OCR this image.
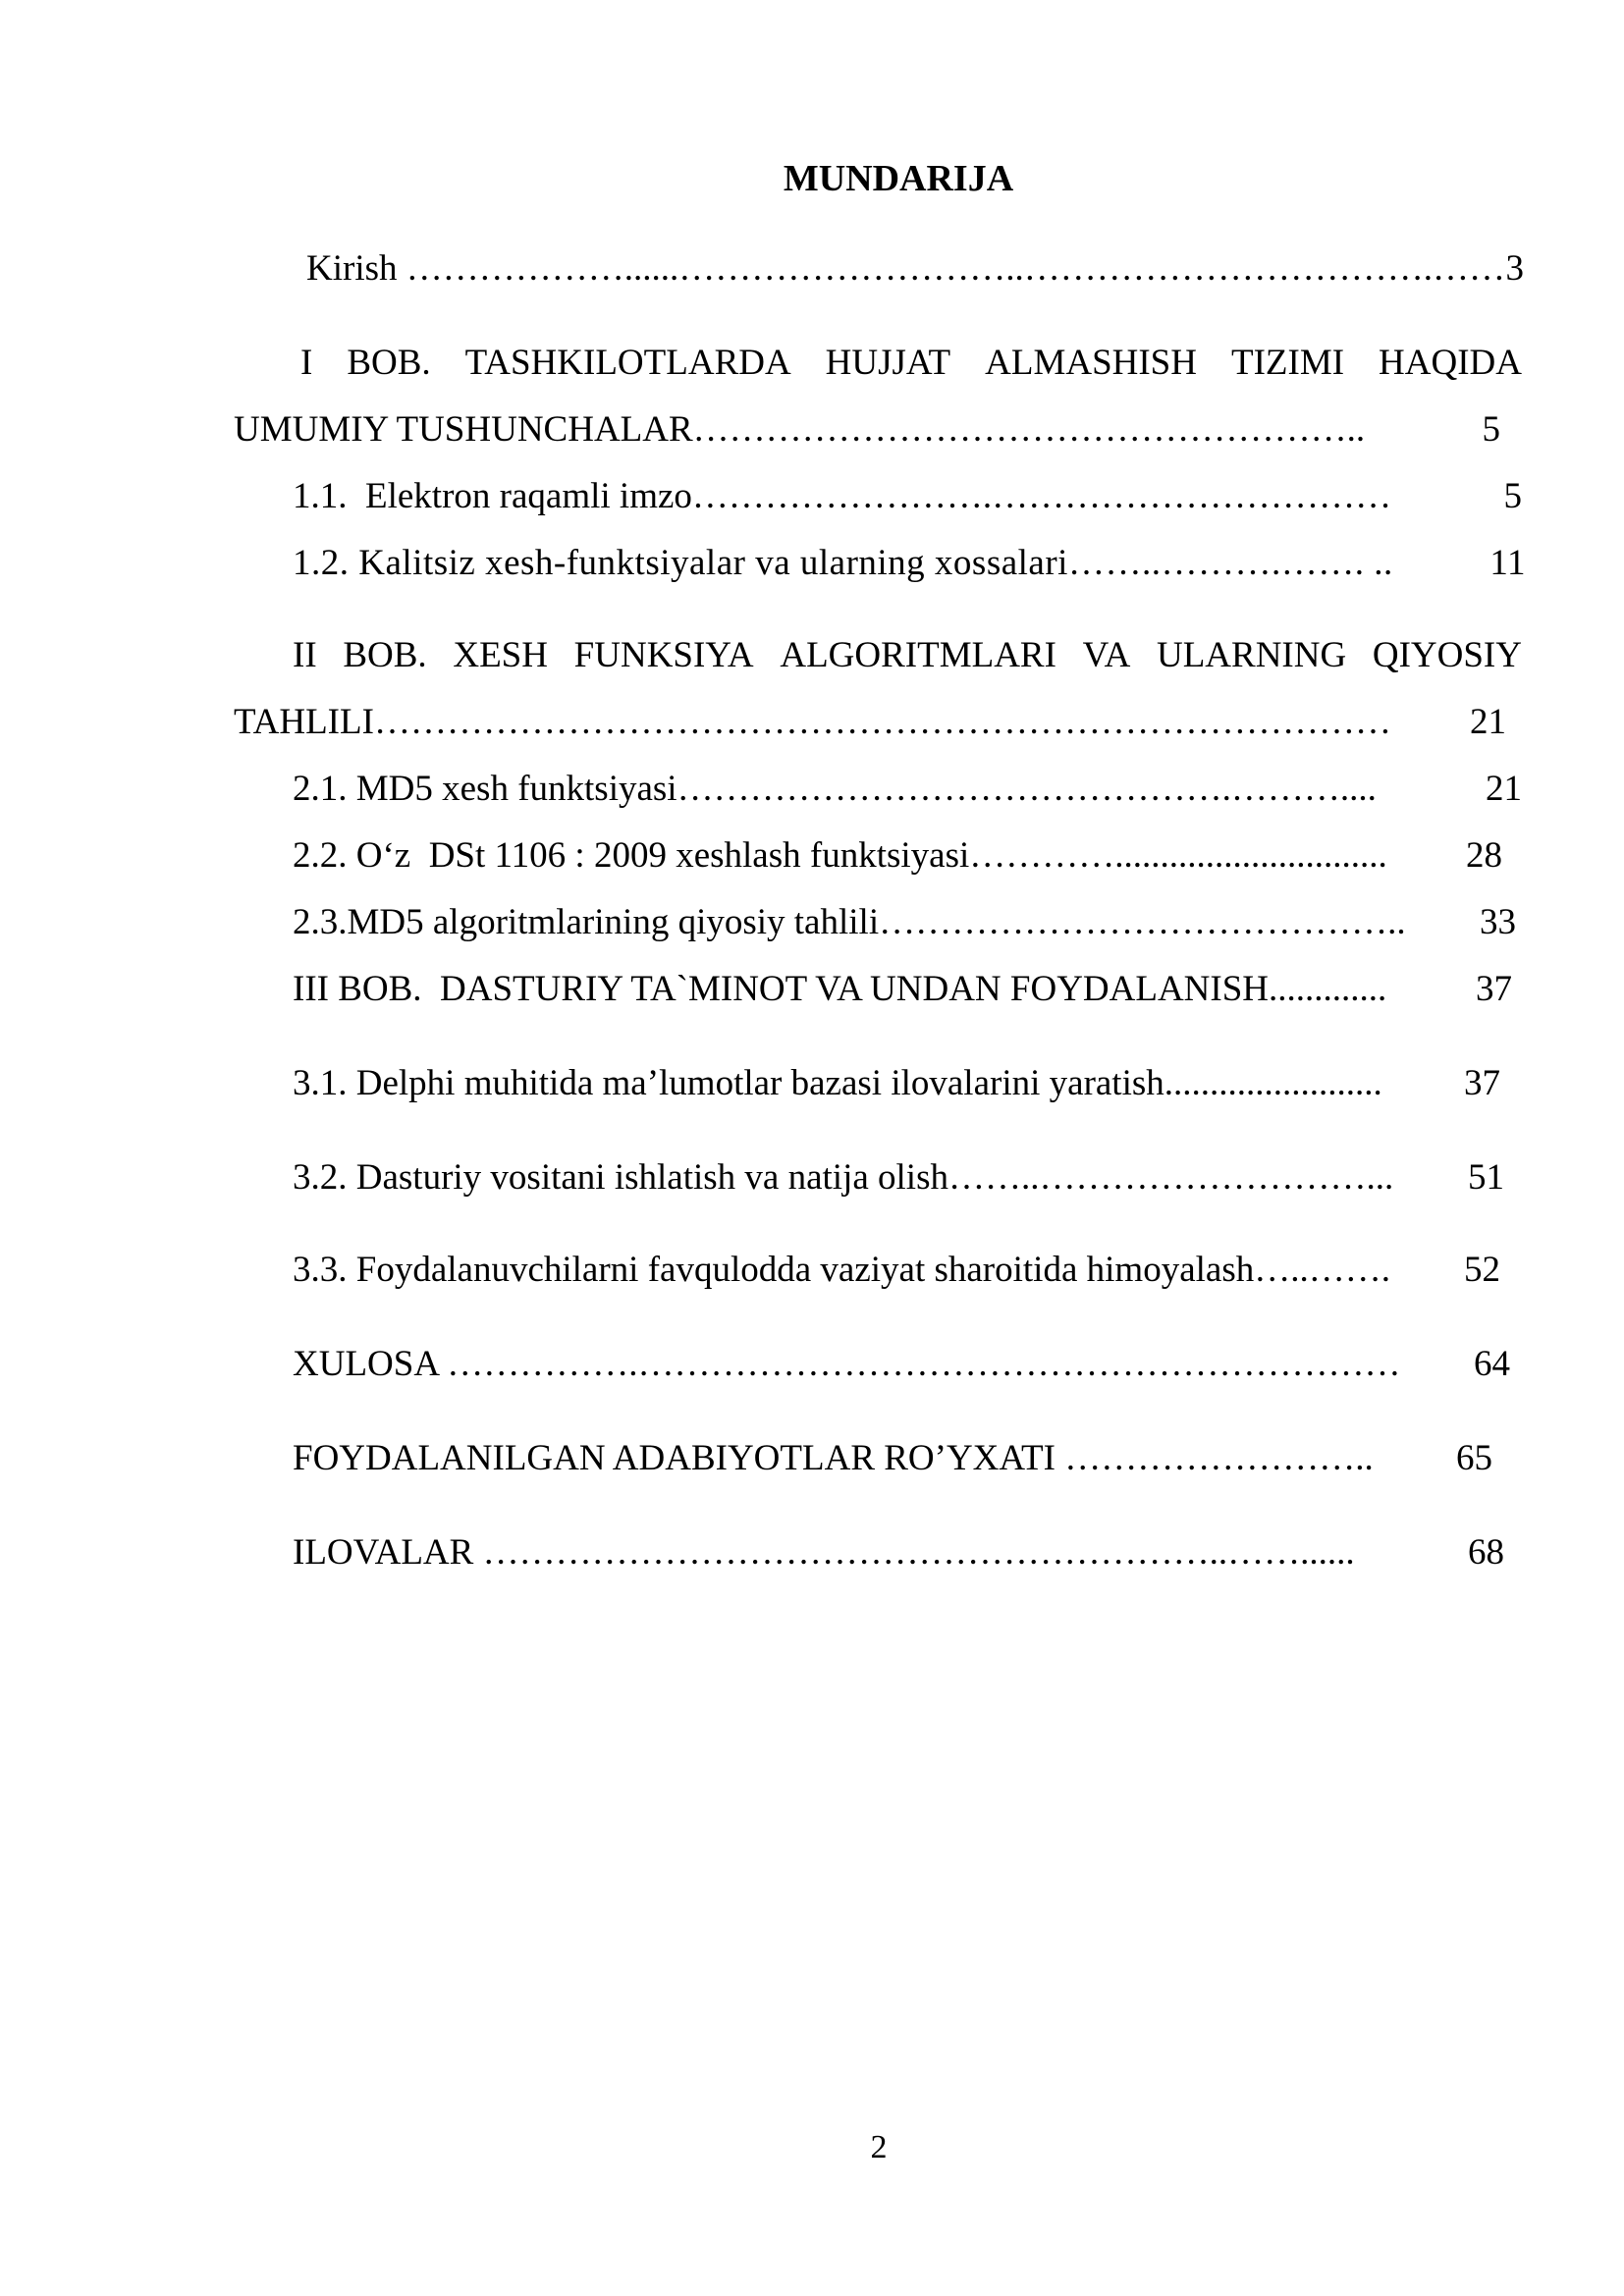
MUNDARIJA
Kirish ………………......………………………..…………………………….…… 3
I BOB. TASHKILOTLARDA HUJJAT ALMASHISH TIZIMI HAQIDA
UMUMIY TUSHUNCHALAR ………………………………………………..	5
1.1.  Elektron raqamli imzo …………………….……………………………	5
1.2. Kalitsiz xesh-funktsiyalar va ularning xossalari ……..……….……. ..	11
II BOB. XESH FUNKSIYA ALGORITMLARI VA ULARNING QIYOSIY
TAHLILI …………………………………………………………………………	21
2.1. MD5 xesh funktsiyasi ……………………………………….………....	21
2.2. O‘z  DSt 1106 : 2009 xeshlash funktsiyasi …………..............................	28
2.3.MD5 algoritmlarining qiyosiy tahlili ……………………………………..	33
III BOB.  DASTURIY TA`MINOT VA UNDAN FOYDALANISH .............	37
3.1. Delphi muhitida ma’lumotlar bazasi ilovalarini yaratish ........................	37
3.2. Dasturiy vositani ishlatish va natija olish ……..………………………...	51
3.3. Foydalanuvchilarni favqulodda vaziyat sharoitida himoyalash …..…….	52
XULOSA …………….………………………………………………………	64
FOYDALANILGAN ADABIYOTLAR RO’YXATI ……………………..	65
ILOVALAR ……………………………………………………..……......	68
2
